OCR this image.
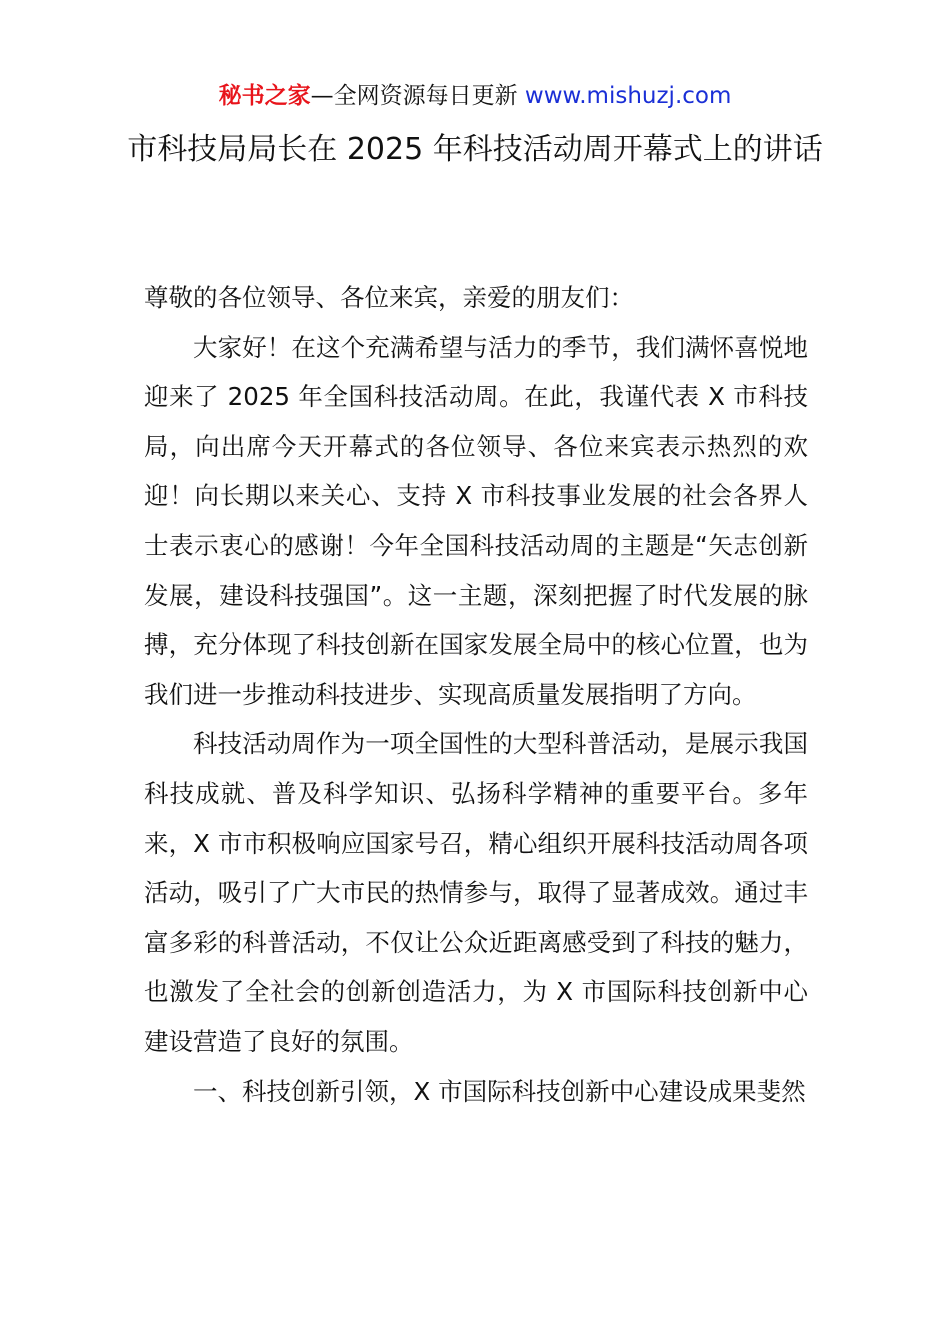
秘书之家—全网资源每日更新 www.mishuzj.com
市科技局局长在 2025 年科技活动周开幕式上的讲话

尊敬的各位领导、各位来宾，亲爱的朋友们：

大家好！在这个充满希望与活力的季节，我们满怀喜悦地迎来了 2025 年全国科技活动周。在此，我谨代表 X 市科技局，向出席今天开幕式的各位领导、各位来宾表示热烈的欢迎！向长期以来关心、支持 X 市科技事业发展的社会各界人士表示衷心的感谢！今年全国科技活动周的主题是“矢志创新发展，建设科技强国”。这一主题，深刻把握了时代发展的脉搏，充分体现了科技创新在国家发展全局中的核心位置，也为我们进一步推动科技进步、实现高质量发展指明了方向。

科技活动周作为一项全国性的大型科普活动，是展示我国科技成就、普及科学知识、弘扬科学精神的重要平台。多年来，X 市市积极响应国家号召，精心组织开展科技活动周各项活动，吸引了广大市民的热情参与，取得了显著成效。通过丰富多彩的科普活动，不仅让公众近距离感受到了科技的魅力，也激发了全社会的创新创造活力，为 X 市国际科技创新中心建设营造了良好的氛围。

一、科技创新引领，X 市国际科技创新中心建设成果斐然
